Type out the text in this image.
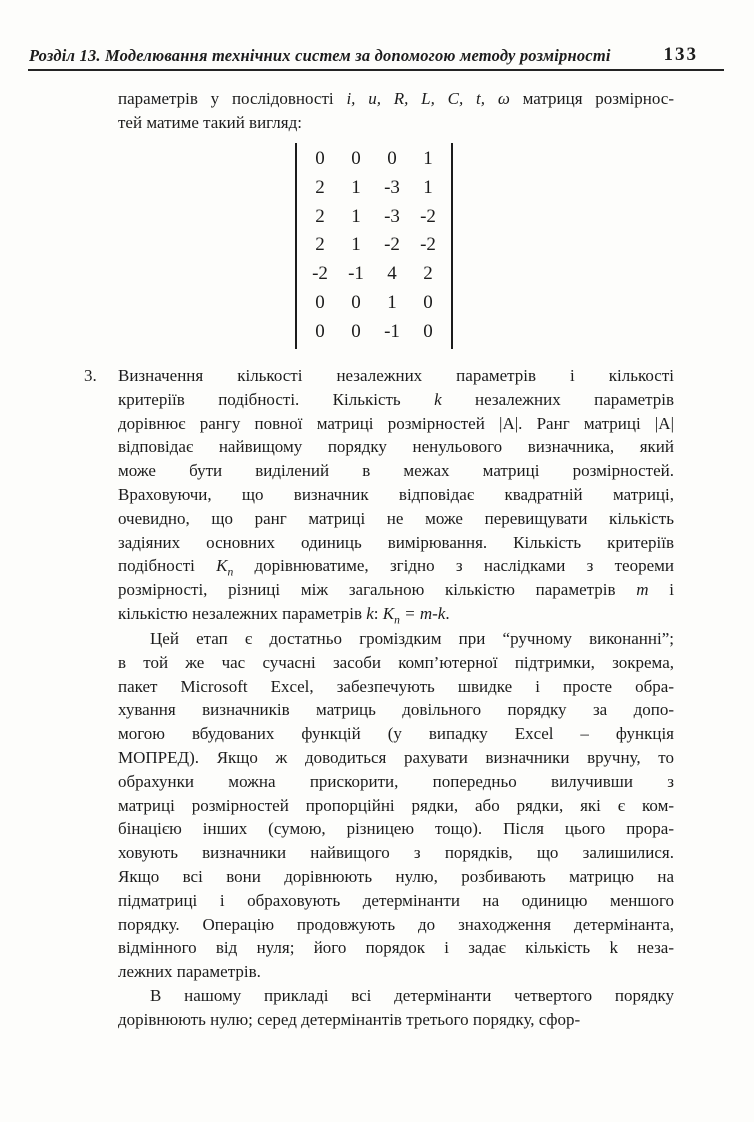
Розділ 13. Моделювання технічних систем за допомогою методу розмірності	133
параметрів у послідовності i, u, R, L, C, t, ω матриця розмірнос-
тей матиме такий вигляд:
0	0	0	1
2	1	-3	1
2	1	-3	-2
2	1	-2	-2
-2	-1	4	2
0	0	1	0
0	0	-1	0
3.	Визначення кількості незалежних параметрів і кількості
критеріїв подібності. Кількість k незалежних параметрів
дорівнює рангу повної матриці розмірностей |А|. Ранг матриці |А|
відповідає найвищому порядку ненульового визначника, який
може бути виділений в межах матриці розмірностей.
Враховуючи, що визначник відповідає квадратній матриці,
очевидно, що ранг матриці не може перевищувати кількість
задіяних основних одиниць вимірювання. Кількість критеріїв
подібності $К_п$ дорівнюватиме, згідно з наслідками з теореми
розмірності, різниці між загальною кількістю параметрів m і
кількістю незалежних параметрів k: $К_п = m-k$.
Цей етап є достатньо громіздким при “ручному виконанні”;
в той же час сучасні засоби комп’ютерної підтримки, зокрема,
пакет Microsoft Excel, забезпечують швидке і просте обра-
хування визначників матриць довільного порядку за допо-
могою вбудованих функцій (у випадку Excel – функція
МОПРЕД). Якщо ж доводиться рахувати визначники вручну, то
обрахунки можна прискорити, попередньо вилучивши з
матриці розмірностей пропорційні рядки, або рядки, які є ком-
бінацією інших (сумою, різницею тощо). Після цього прора-
ховують визначники найвищого з порядків, що залишилися.
Якщо всі вони дорівнюють нулю, розбивають матрицю на
підматриці і обраховують детермінанти на одиницю меншого
порядку. Операцію продовжують до знаходження детермінанта,
відмінного від нуля; його порядок і задає кількість k неза-
лежних параметрів.
В нашому прикладі всі детермінанти четвертого порядку
дорівнюють нулю; серед детермінантів третього порядку, сфор-
